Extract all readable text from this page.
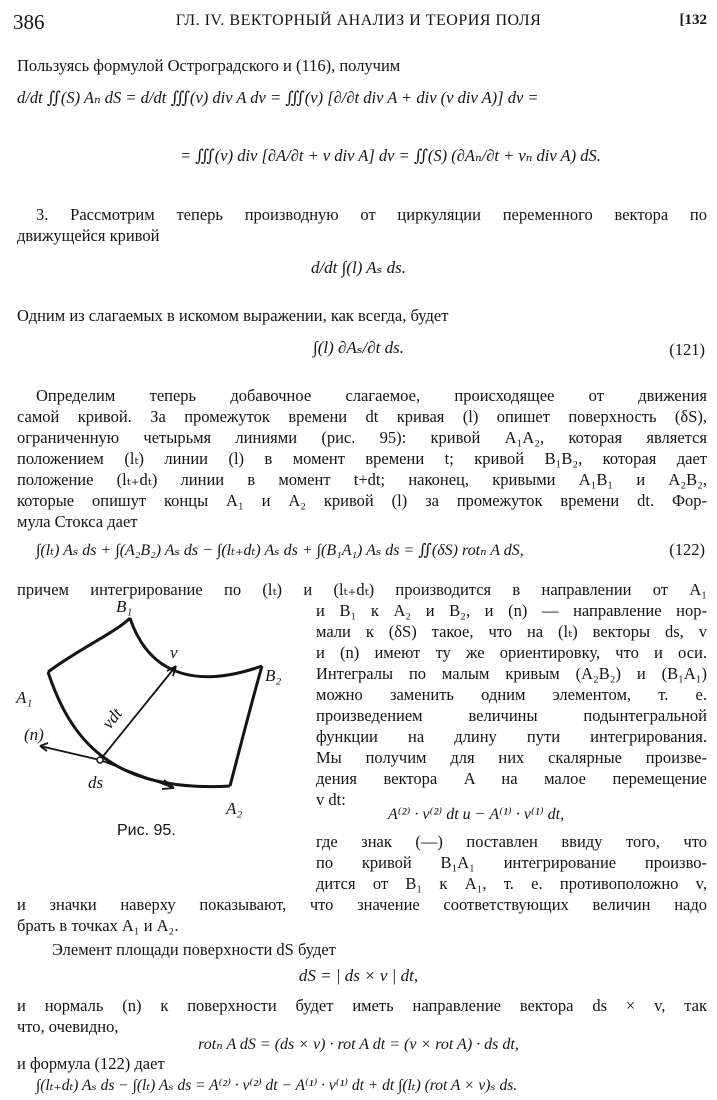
386	ГЛ. IV. ВЕКТОРНЫЙ АНАЛИЗ И ТЕОРИЯ ПОЛЯ	[132
Пользуясь формулой Остроградского и (116), получим
d/dt ∬(S) Aₙ dS = d/dt ∭(v) div A dv = ∭(v) [∂/∂t div A + div (v div A)] dv =
= ∭(v) div [∂A/∂t + v div A] dv = ∬(S) (∂Aₙ/∂t + vₙ div A) dS.
3. Рассмотрим теперь производную от циркуляции переменного вектора по
движущейся кривой
d/dt ∫(l) Aₛ ds.
Одним из слагаемых в искомом выражении, как всегда, будет
∫(l) ∂Aₛ/∂t ds.	(121)
Определим теперь добавочное слагаемое, происходящее от движения
самой кривой. За промежуток времени dt кривая (l) опишет поверхность (δS),
ограниченную четырьмя линиями (рис. 95): кривой A₁A₂, которая является
положением (lₜ) линии (l) в момент времени t; кривой B₁B₂, которая дает
положение (lₜ₊dₜ) линии в момент t+dt; наконец, кривыми A₁B₁ и A₂B₂,
которые опишут концы A₁ и A₂ кривой (l) за промежуток времени dt. Фор-
мула Стокса дает
∫(lₜ) Aₛ ds + ∫(A₂B₂) Aₛ ds − ∫(lₜ₊dₜ) Aₛ ds + ∫(B₁A₁) Aₛ ds = ∬(δS) rotₙ A dS,	(122)
причем интегрирование по (lₜ) и (lₜ₊dₜ) производится в направлении от A₁
и B₁ к A₂ и B₂, и (n) — направление нор-
мали к (δS) такое, что на (lₜ) векторы ds, v
и (n) имеют ту же ориентировку, что и оси.
Интегралы по малым кривым (A₂B₂) и (B₁A₁)
можно заменить одним элементом, т. е.
произведением величины подынтегральной
функции на длину пути интегрирования.
Мы получим для них скалярные произве-
дения вектора A на малое перемещение
v dt:
A⁽²⁾ · v⁽²⁾ dt и − A⁽¹⁾ · v⁽¹⁾ dt,
где знак (—) поставлен ввиду того, что
по кривой B₁A₁ интегрирование произво-
дится от B₁ к A₁, т. е. противоположно v,
и значки наверху показывают, что значение соответствующих величин надо
брать в точках A₁ и A₂.
Элемент площади поверхности dS будет
dS = | ds × v | dt,
и нормаль (n) к поверхности будет иметь направление вектора ds × v, так
что, очевидно,
rotₙ A dS = (ds × v) · rot A dt = (v × rot A) · ds dt,
и формула (122) дает
∫(lₜ₊dₜ) Aₛ ds − ∫(lₜ) Aₛ ds = A⁽²⁾ · v⁽²⁾ dt − A⁽¹⁾ · v⁽¹⁾ dt + dt ∫(lₜ) (rot A × v)ₛ ds.
B₁
B₂
A₁
A₂
v
vdt
(n)
ds
Рис. 95.
